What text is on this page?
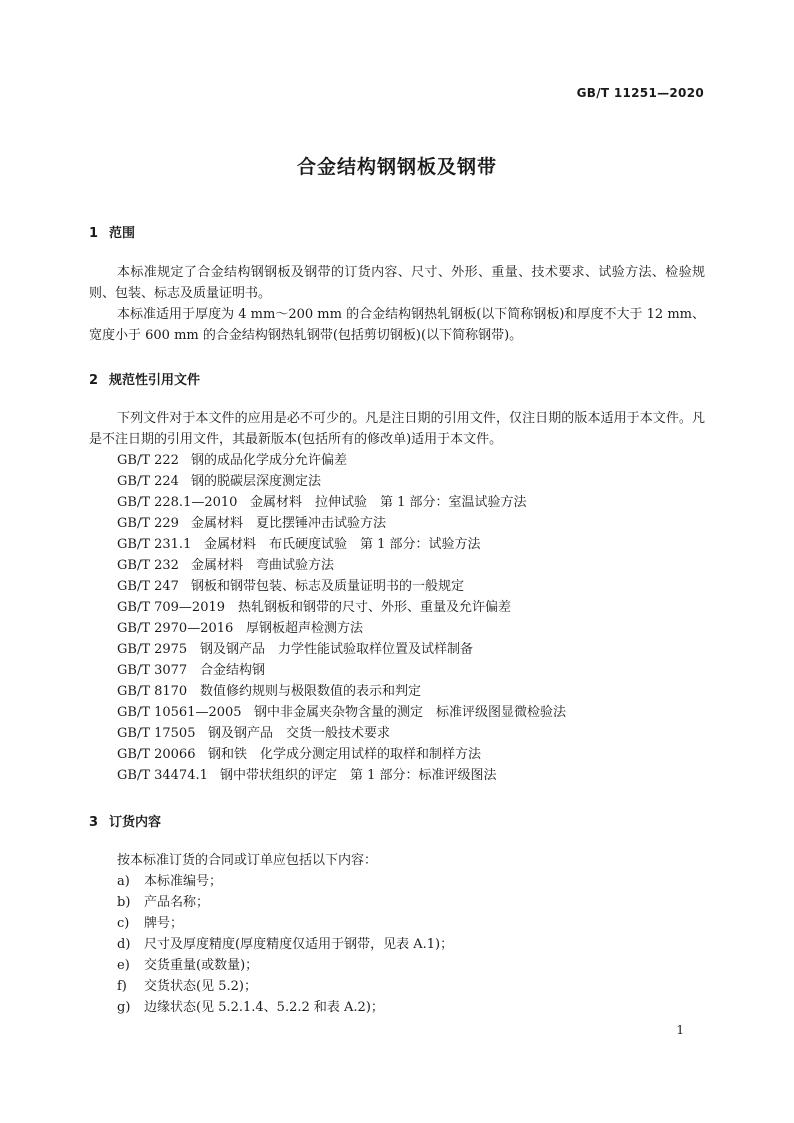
GB/T 11251—2020
合金结构钢钢板及钢带
1 范围
本标准规定了合金结构钢钢板及钢带的订货内容、尺寸、外形、重量、技术要求、试验方法、检验规则、包装、标志及质量证明书。
本标准适用于厚度为 4 mm～200 mm 的合金结构钢热轧钢板(以下简称钢板)和厚度不大于 12 mm、宽度小于 600 mm 的合金结构钢热轧钢带(包括剪切钢板)(以下简称钢带)。
2 规范性引用文件
下列文件对于本文件的应用是必不可少的。凡是注日期的引用文件，仅注日期的版本适用于本文件。凡是不注日期的引用文件，其最新版本(包括所有的修改单)适用于本文件。
GB/T 222 钢的成品化学成分允许偏差
GB/T 224 钢的脱碳层深度测定法
GB/T 228.1—2010 金属材料　拉伸试验　第 1 部分：室温试验方法
GB/T 229 金属材料　夏比摆锤冲击试验方法
GB/T 231.1 金属材料　布氏硬度试验　第 1 部分：试验方法
GB/T 232 金属材料　弯曲试验方法
GB/T 247 钢板和钢带包装、标志及质量证明书的一般规定
GB/T 709—2019 热轧钢板和钢带的尺寸、外形、重量及允许偏差
GB/T 2970—2016 厚钢板超声检测方法
GB/T 2975 钢及钢产品　力学性能试验取样位置及试样制备
GB/T 3077 合金结构钢
GB/T 8170 数值修约规则与极限数值的表示和判定
GB/T 10561—2005 钢中非金属夹杂物含量的测定　标准评级图显微检验法
GB/T 17505 钢及钢产品　交货一般技术要求
GB/T 20066 钢和铁　化学成分测定用试样的取样和制样方法
GB/T 34474.1 钢中带状组织的评定　第 1 部分：标准评级图法
3 订货内容
按本标准订货的合同或订单应包括以下内容：
a) 本标准编号；
b) 产品名称；
c) 牌号；
d) 尺寸及厚度精度(厚度精度仅适用于钢带，见表 A.1)；
e) 交货重量(或数量)；
f) 交货状态(见 5.2)；
g) 边缘状态(见 5.2.1.4、5.2.2 和表 A.2)；
1
